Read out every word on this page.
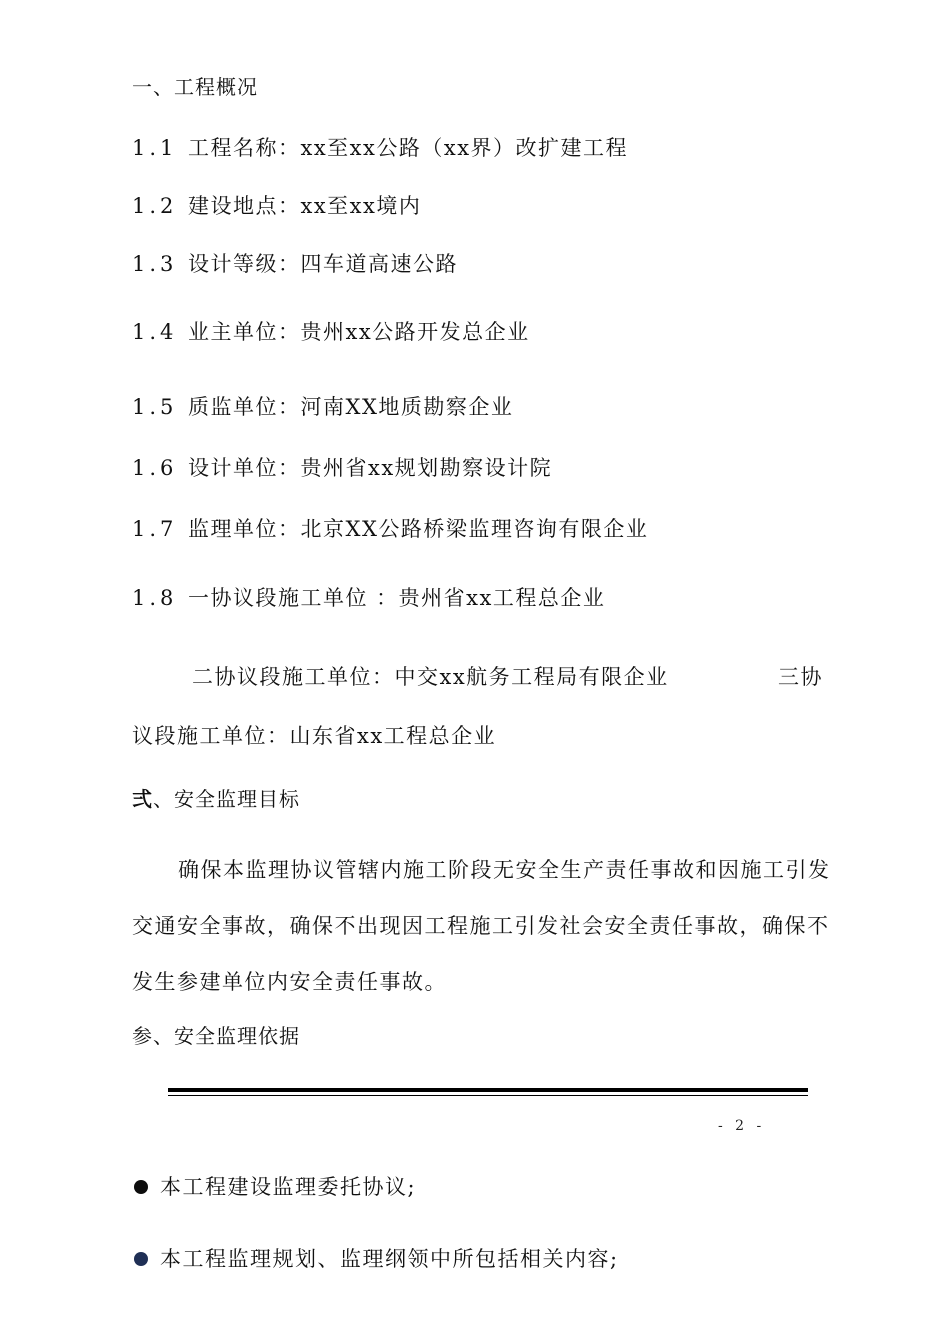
一、工程概况
1.1 工程名称：xx至xx公路（xx界）改扩建工程
1.2 建设地点：xx至xx境内
1.3 设计等级：四车道高速公路
1.4 业主单位：贵州xx公路开发总企业
1.5 质监单位：河南XX地质勘察企业
1.6 设计单位：贵州省xx规划勘察设计院
1.7 监理单位：北京XX公路桥梁监理咨询有限企业
1.8 一协议段施工单位 ：贵州省xx工程总企业
二协议段施工单位：中交xx航务工程局有限企业	三协
议段施工单位：山东省xx工程总企业
弍、安全监理目标
确保本监理协议管辖内施工阶段无安全生产责任事故和因施工引发
交通安全事故，确保不出现因工程施工引发社会安全责任事故，确保不
发生参建单位内安全责任事故。
参、安全监理依据
- 2 -
本工程建设监理委托协议;
本工程监理规划、监理纲领中所包括相关内容;
